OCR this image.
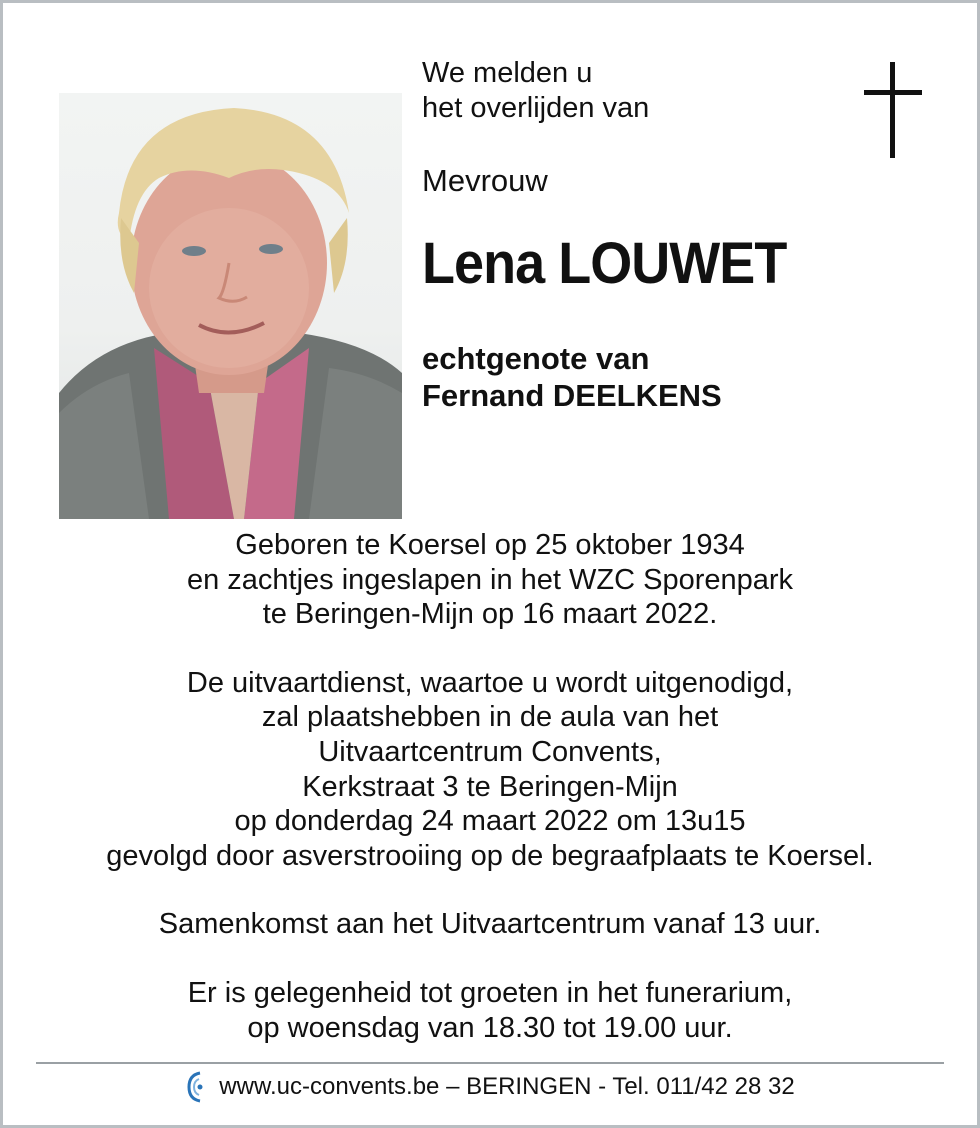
We melden u
het overlijden van
Mevrouw
Lena LOUWET
echtgenote van
Fernand DEELKENS
Geboren te Koersel op 25 oktober 1934
en zachtjes ingeslapen in het WZC Sporenpark
te Beringen-Mijn op 16 maart 2022.
De uitvaartdienst, waartoe u wordt uitgenodigd,
zal plaatshebben in de aula van het
Uitvaartcentrum Convents,
Kerkstraat 3 te Beringen-Mijn
op donderdag 24 maart 2022 om 13u15
gevolgd door asverstrooiing op de begraafplaats te Koersel.
Samenkomst aan het Uitvaartcentrum vanaf 13 uur.
Er is gelegenheid tot groeten in het funerarium,
op woensdag van 18.30 tot 19.00 uur.
www.uc-convents.be – BERINGEN - Tel. 011/42 28 32
